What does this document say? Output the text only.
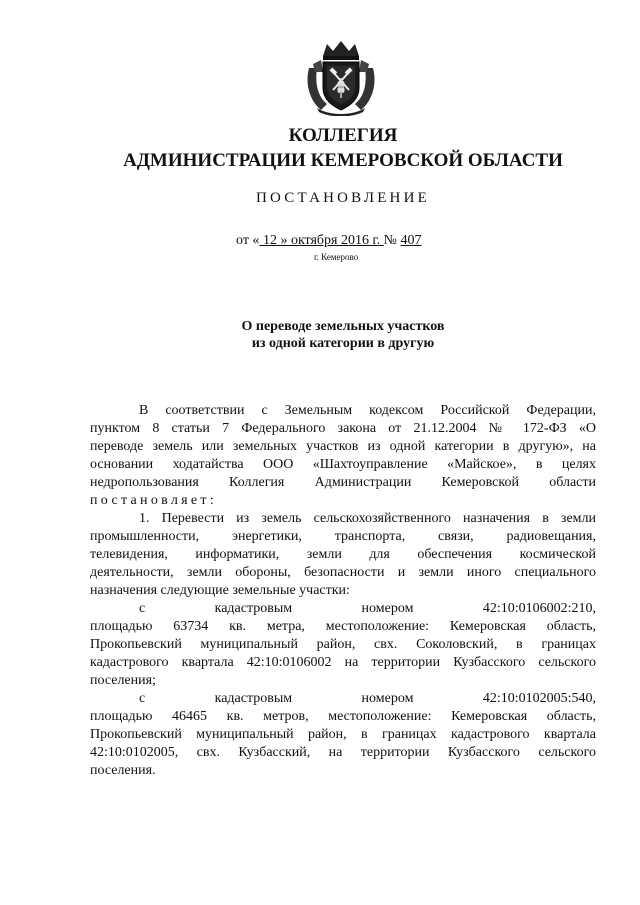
КОЛЛЕГИЯ
АДМИНИСТРАЦИИ КЕМЕРОВСКОЙ ОБЛАСТИ
ПОСТАНОВЛЕНИЕ
от « 12 » октября 2016 г. № 407
г. Кемерово
О переводе земельных участков
из одной категории в другую
В соответствии с Земельным кодексом Российской Федерации,
пунктом 8 статьи 7 Федерального закона от 21.12.2004 № 172-ФЗ «О
переводе земель или земельных участков из одной категории в другую», на
основании ходатайства ООО «Шахтоуправление «Майское», в целях
недропользования Коллегия Администрации Кемеровской области
постановляет:
1. Перевести из земель сельскохозяйственного назначения в земли
промышленности, энергетики, транспорта, связи, радиовещания,
телевидения, информатики, земли для обеспечения космической
деятельности, земли обороны, безопасности и земли иного специального
назначения следующие земельные участки:
с кадастровым номером 42:10:0106002:210,
площадью 63734 кв. метра, местоположение: Кемеровская область,
Прокопьевский муниципальный район, свх. Соколовский, в границах
кадастрового квартала 42:10:0106002 на территории Кузбасского сельского
поселения;
с кадастровым номером 42:10:0102005:540,
площадью 46465 кв. метров, местоположение: Кемеровская область,
Прокопьевский муниципальный район, в границах кадастрового квартала
42:10:0102005, свх. Кузбасский, на территории Кузбасского сельского
поселения.
